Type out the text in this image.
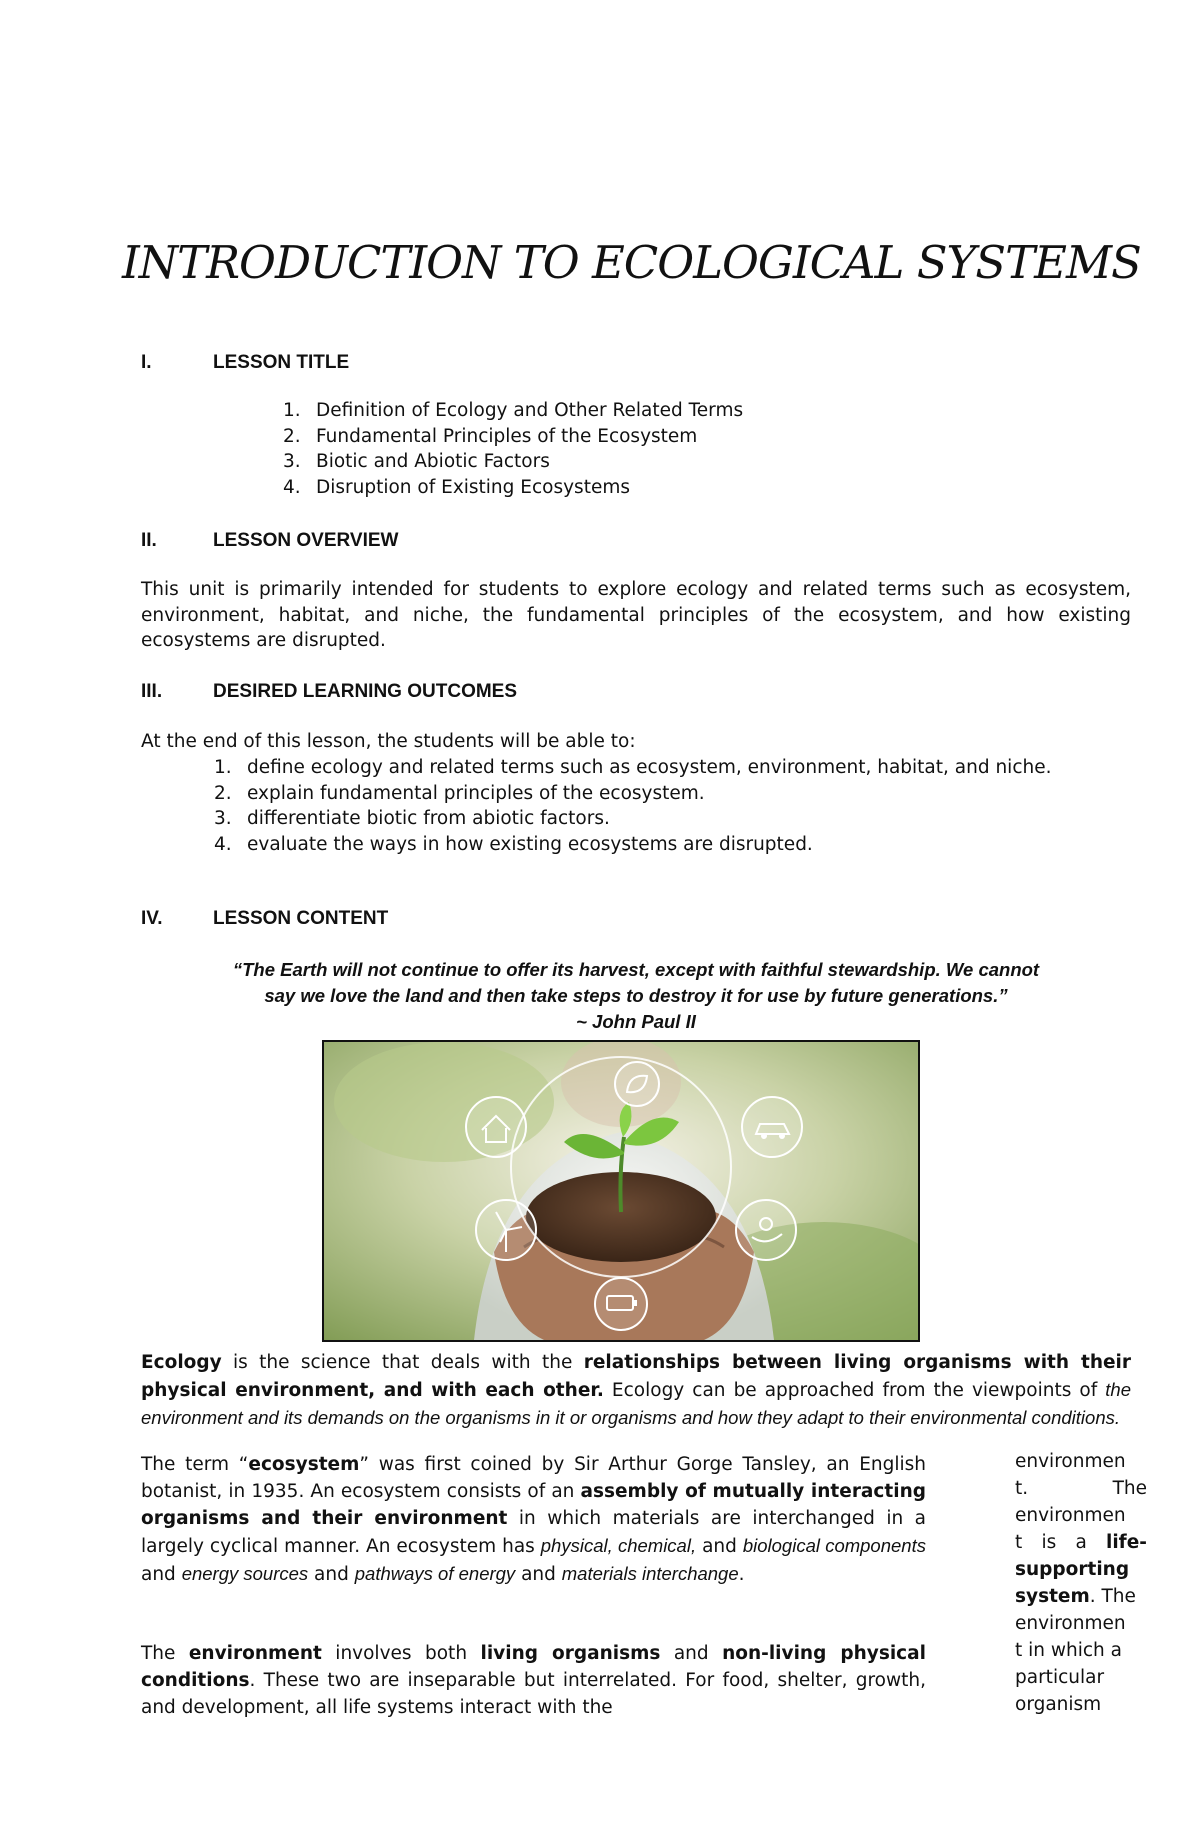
INTRODUCTION TO ECOLOGICAL SYSTEMS
I.	LESSON TITLE
1. Definition of Ecology and Other Related Terms
2. Fundamental Principles of the Ecosystem
3. Biotic and Abiotic Factors
4. Disruption of Existing Ecosystems
II.	LESSON OVERVIEW
This unit is primarily intended for students to explore ecology and related terms such as ecosystem, environment, habitat, and niche, the fundamental principles of the ecosystem, and how existing ecosystems are disrupted.
III.	DESIRED LEARNING OUTCOMES
At the end of this lesson, the students will be able to:
1. define ecology and related terms such as ecosystem, environment, habitat, and niche.
2. explain fundamental principles of the ecosystem.
3. differentiate biotic from abiotic factors.
4. evaluate the ways in how existing ecosystems are disrupted.
IV.	LESSON CONTENT
“The Earth will not continue to offer its harvest, except with faithful stewardship. We cannot
say we love the land and then take steps to destroy it for use by future generations.”
~ John Paul II
Ecology is the science that deals with the relationships between living organisms with their physical environment, and with each other. Ecology can be approached from the viewpoints of the environment and its demands on the organisms in it or organisms and how they adapt to their environmental conditions.
The term “ecosystem” was first coined by Sir Arthur Gorge Tansley, an English botanist, in 1935. An ecosystem consists of an assembly of mutually interacting organisms and their environment in which materials are interchanged in a largely cyclical manner. An ecosystem has physical, chemical, and biological components and energy sources and pathways of energy and materials interchange.
The environment involves both living organisms and non-living physical conditions. These two are inseparable but interrelated. For food, shelter, growth, and development, all life systems interact with the
environmen
t.	The
environmen
t is a life-
supporting
system. The
environmen
t in which a
particular
organism
